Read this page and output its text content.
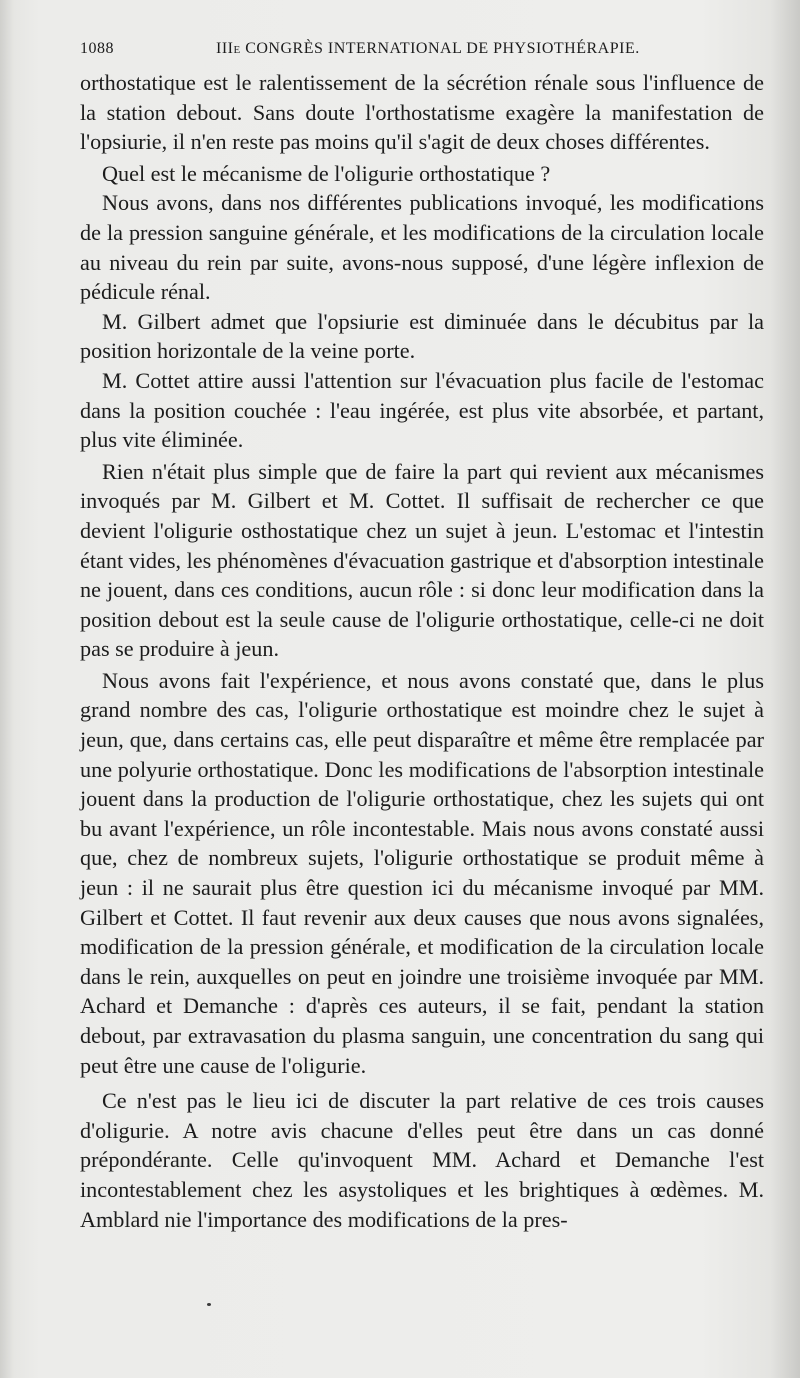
1088	IIIe CONGRÈS INTERNATIONAL DE PHYSIOTHÉRAPIE.

orthostatique est le ralentissement de la sécrétion rénale sous l'influence de la station debout. Sans doute l'orthostatisme exagère la manifestation de l'opsiurie, il n'en reste pas moins qu'il s'agit de deux choses différentes.

Quel est le mécanisme de l'oligurie orthostatique ?

Nous avons, dans nos différentes publications invoqué, les modifications de la pression sanguine générale, et les modifications de la circulation locale au niveau du rein par suite, avons-nous supposé, d'une légère inflexion de pédicule rénal.

M. Gilbert admet que l'opsiurie est diminuée dans le décubitus par la position horizontale de la veine porte.

M. Cottet attire aussi l'attention sur l'évacuation plus facile de l'estomac dans la position couchée : l'eau ingérée, est plus vite absorbée, et partant, plus vite éliminée.

Rien n'était plus simple que de faire la part qui revient aux mécanismes invoqués par M. Gilbert et M. Cottet. Il suffisait de rechercher ce que devient l'oligurie osthostatique chez un sujet à jeun. L'estomac et l'intestin étant vides, les phénomènes d'évacuation gastrique et d'absorption intestinale ne jouent, dans ces conditions, aucun rôle : si donc leur modification dans la position debout est la seule cause de l'oligurie orthostatique, celle-ci ne doit pas se produire à jeun.

Nous avons fait l'expérience, et nous avons constaté que, dans le plus grand nombre des cas, l'oligurie orthostatique est moindre chez le sujet à jeun, que, dans certains cas, elle peut disparaître et même être remplacée par une polyurie orthostatique. Donc les modifications de l'absorption intestinale jouent dans la production de l'oligurie orthostatique, chez les sujets qui ont bu avant l'expérience, un rôle incontestable. Mais nous avons constaté aussi que, chez de nombreux sujets, l'oligurie orthostatique se produit même à jeun : il ne saurait plus être question ici du mécanisme invoqué par MM. Gilbert et Cottet. Il faut revenir aux deux causes que nous avons signalées, modification de la pression générale, et modification de la circulation locale dans le rein, auxquelles on peut en joindre une troisième invoquée par MM. Achard et Demanche : d'après ces auteurs, il se fait, pendant la station debout, par extravasation du plasma sanguin, une concentration du sang qui peut être une cause de l'oligurie.

Ce n'est pas le lieu ici de discuter la part relative de ces trois causes d'oligurie. A notre avis chacune d'elles peut être dans un cas donné prépondérante. Celle qu'invoquent MM. Achard et Demanche l'est incontestablement chez les asystoliques et les brightiques à œdèmes. M. Amblard nie l'importance des modifications de la pres-
